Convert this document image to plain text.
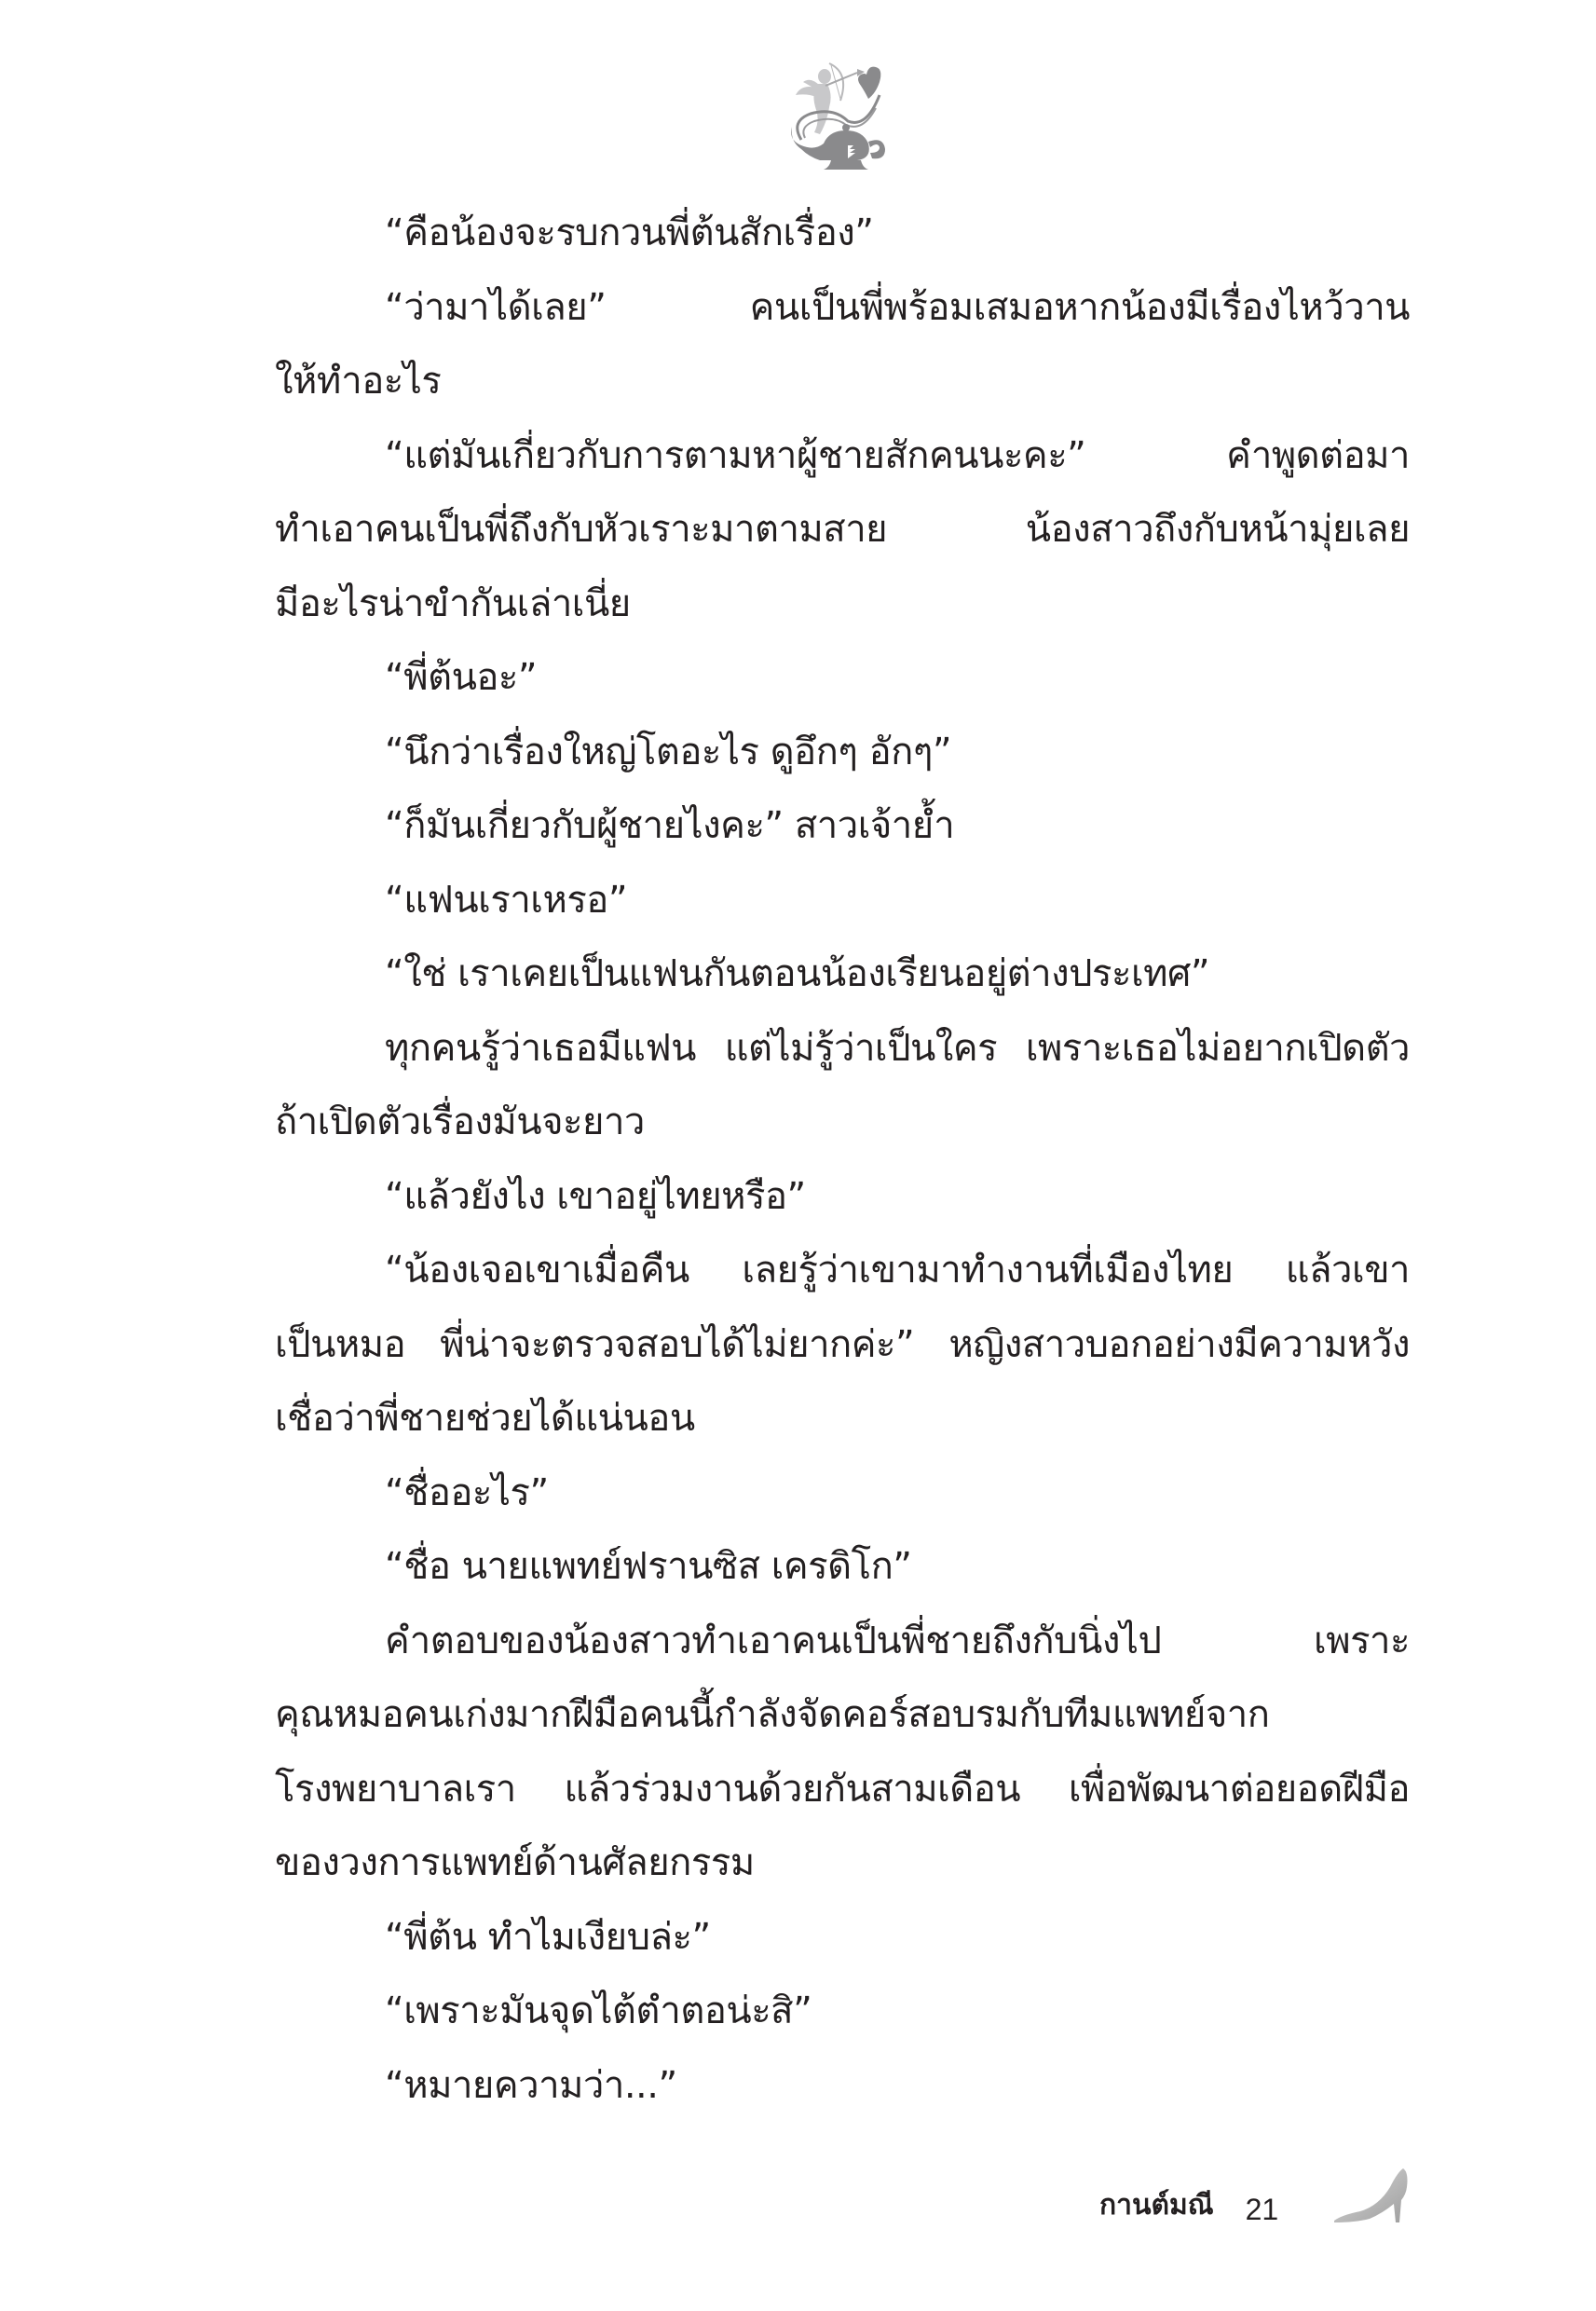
“คือน้องจะรบกวนพี่ต้นสักเรื่อง”
“ว่ามาได้เลย” คนเป็นพี่พร้อมเสมอหากน้องมีเรื่องไหว้วาน
ให้ทำอะไร
“แต่มันเกี่ยวกับการตามหาผู้ชายสักคนนะคะ” คำพูดต่อมา
ทำเอาคนเป็นพี่ถึงกับหัวเราะมาตามสาย น้องสาวถึงกับหน้ามุ่ยเลย
มีอะไรน่าขำกันเล่าเนี่ย
“พี่ต้นอะ”
“นึกว่าเรื่องใหญ่โตอะไร ดูอึกๆ อักๆ”
“ก็มันเกี่ยวกับผู้ชายไงคะ” สาวเจ้าย้ำ
“แฟนเราเหรอ”
“ใช่ เราเคยเป็นแฟนกันตอนน้องเรียนอยู่ต่างประเทศ”
ทุกคนรู้ว่าเธอมีแฟน แต่ไม่รู้ว่าเป็นใคร เพราะเธอไม่อยากเปิดตัว
ถ้าเปิดตัวเรื่องมันจะยาว
“แล้วยังไง เขาอยู่ไทยหรือ”
“น้องเจอเขาเมื่อคืน เลยรู้ว่าเขามาทำงานที่เมืองไทย แล้วเขา
เป็นหมอ พี่น่าจะตรวจสอบได้ไม่ยากค่ะ” หญิงสาวบอกอย่างมีความหวัง
เชื่อว่าพี่ชายช่วยได้แน่นอน
“ชื่ออะไร”
“ชื่อ นายแพทย์ฟรานซิส เครดิโก”
คำตอบของน้องสาวทำเอาคนเป็นพี่ชายถึงกับนิ่งไป เพราะ
คุณหมอคนเก่งมากฝีมือคนนี้กำลังจัดคอร์สอบรมกับทีมแพทย์จาก
โรงพยาบาลเรา แล้วร่วมงานด้วยกันสามเดือน เพื่อพัฒนาต่อยอดฝีมือ
ของวงการแพทย์ด้านศัลยกรรม
“พี่ต้น ทำไมเงียบล่ะ”
“เพราะมันจุดไต้ตำตอน่ะสิ”
“หมายความว่า...”
กานต์มณี 21
